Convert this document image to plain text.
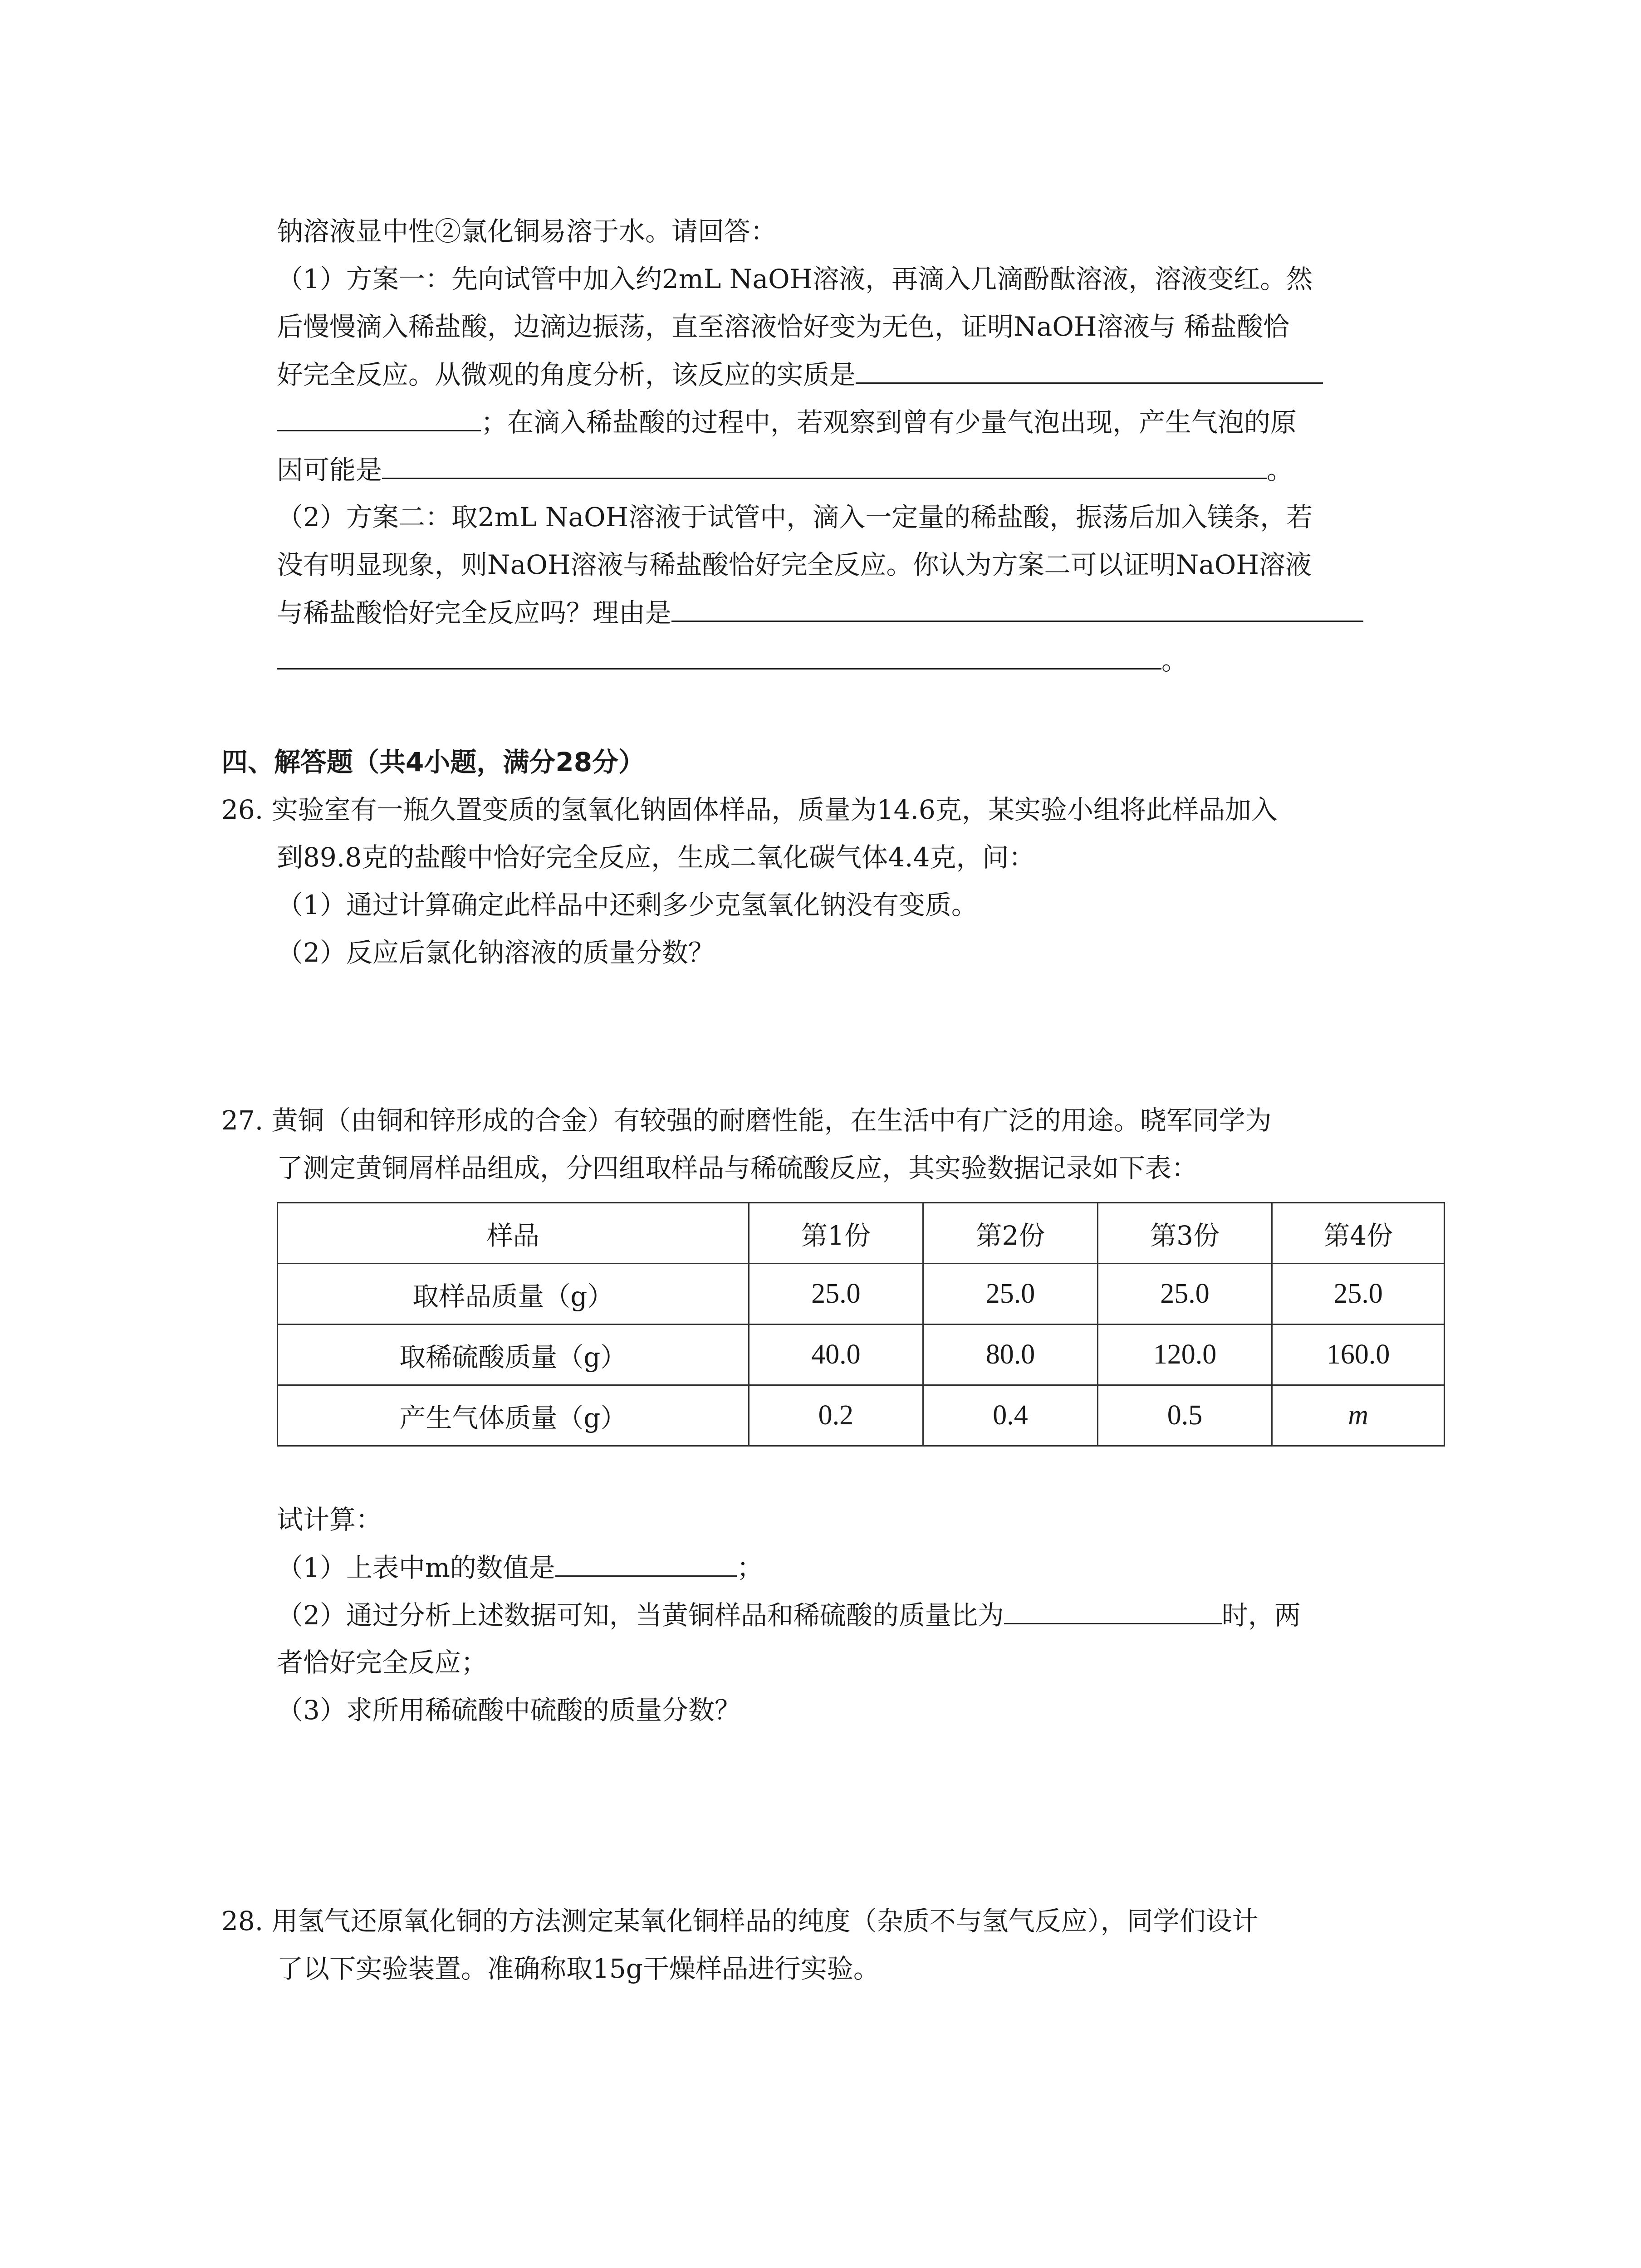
钠溶液显中性②氯化铜易溶于水。请回答：
（1）方案一：先向试管中加入约2mL NaOH溶液，再滴入几滴酚酞溶液，溶液变红。然
后慢慢滴入稀盐酸，边滴边振荡，直至溶液恰好变为无色，证明NaOH溶液与 稀盐酸恰
好完全反应。从微观的角度分析，该反应的实质是
；在滴入稀盐酸的过程中，若观察到曾有少量气泡出现，产生气泡的原
因可能是	。
（2）方案二：取2mL NaOH溶液于试管中，滴入一定量的稀盐酸，振荡后加入镁条，若
没有明显现象，则NaOH溶液与稀盐酸恰好完全反应。你认为方案二可以证明NaOH溶液
与稀盐酸恰好完全反应吗？理由是
。
四、解答题（共4小题，满分28分）
26. 实验室有一瓶久置变质的氢氧化钠固体样品，质量为14.6克，某实验小组将此样品加入
到89.8克的盐酸中恰好完全反应，生成二氧化碳气体4.4克，问：
（1）通过计算确定此样品中还剩多少克氢氧化钠没有变质。
（2）反应后氯化钠溶液的质量分数？
27. 黄铜（由铜和锌形成的合金）有较强的耐磨性能，在生活中有广泛的用途。晓军同学为
了测定黄铜屑样品组成，分四组取样品与稀硫酸反应，其实验数据记录如下表：
样品	第1份	第2份	第3份	第4份
取样品质量（g）	25.0	25.0	25.0	25.0
取稀硫酸质量（g）	40.0	80.0	120.0	160.0
产生气体质量（g）	0.2	0.4	0.5	m
试计算：
（1）上表中m的数值是	；
（2）通过分析上述数据可知，当黄铜样品和稀硫酸的质量比为	时，两
者恰好完全反应；
（3）求所用稀硫酸中硫酸的质量分数？
28. 用氢气还原氧化铜的方法测定某氧化铜样品的纯度（杂质不与氢气反应），同学们设计
了以下实验装置。准确称取15g干燥样品进行实验。
